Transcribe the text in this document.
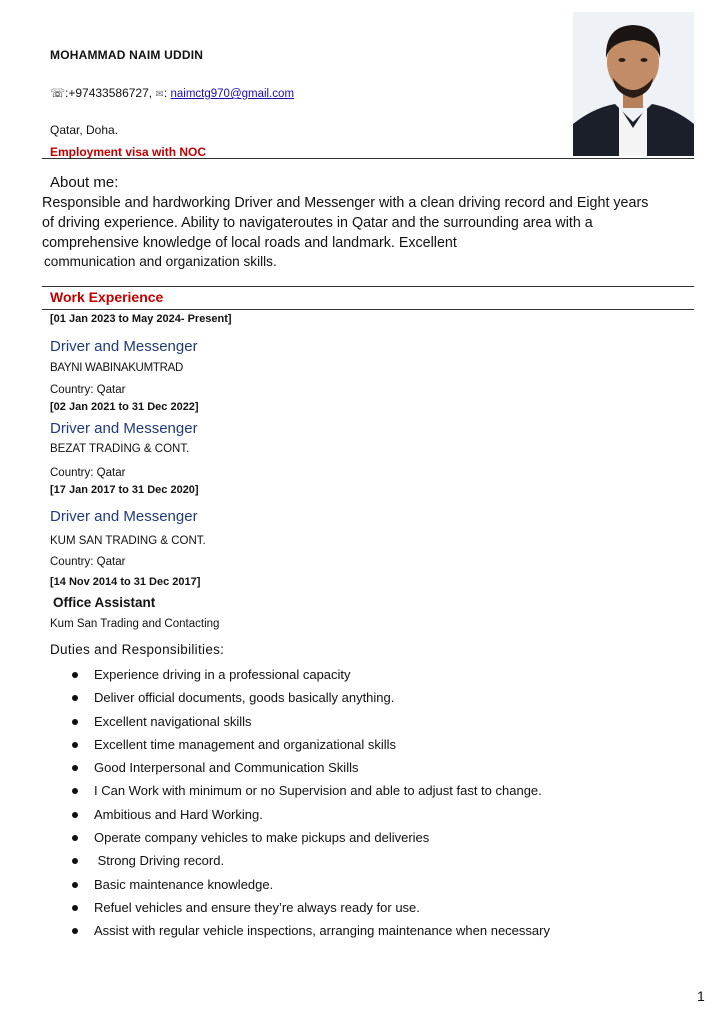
MOHAMMAD NAIM UDDIN
☏:+97433586727, ✉: naimctg970@gmail.com
Qatar, Doha.
Employment visa with NOC
About me:
Responsible and hardworking Driver and Messenger with a clean driving record and Eight years
of driving experience. Ability to navigateroutes in Qatar and the surrounding area with a
comprehensive knowledge of local roads and landmark. Excellent
communication and organization skills.
Work Experience
[01 Jan 2023 to May 2024- Present]
Driver and Messenger
BAYNI WABINAKUMTRAD
Country: Qatar
[02 Jan 2021 to 31 Dec 2022]
Driver and Messenger
BEZAT TRADING & CONT.
Country: Qatar
[17 Jan 2017 to 31 Dec 2020]
Driver and Messenger
KUM SAN TRADING & CONT.
Country: Qatar
[14 Nov 2014 to 31 Dec 2017]
Office Assistant
Kum San Trading and Contacting
Duties and Responsibilities:
Experience driving in a professional capacity
Deliver official documents, goods basically anything.
Excellent navigational skills
Excellent time management and organizational skills
Good Interpersonal and Communication Skills
I Can Work with minimum or no Supervision and able to adjust fast to change.
Ambitious and Hard Working.
Operate company vehicles to make pickups and deliveries
Strong Driving record.
Basic maintenance knowledge.
Refuel vehicles and ensure they’re always ready for use.
Assist with regular vehicle inspections, arranging maintenance when necessary
1
